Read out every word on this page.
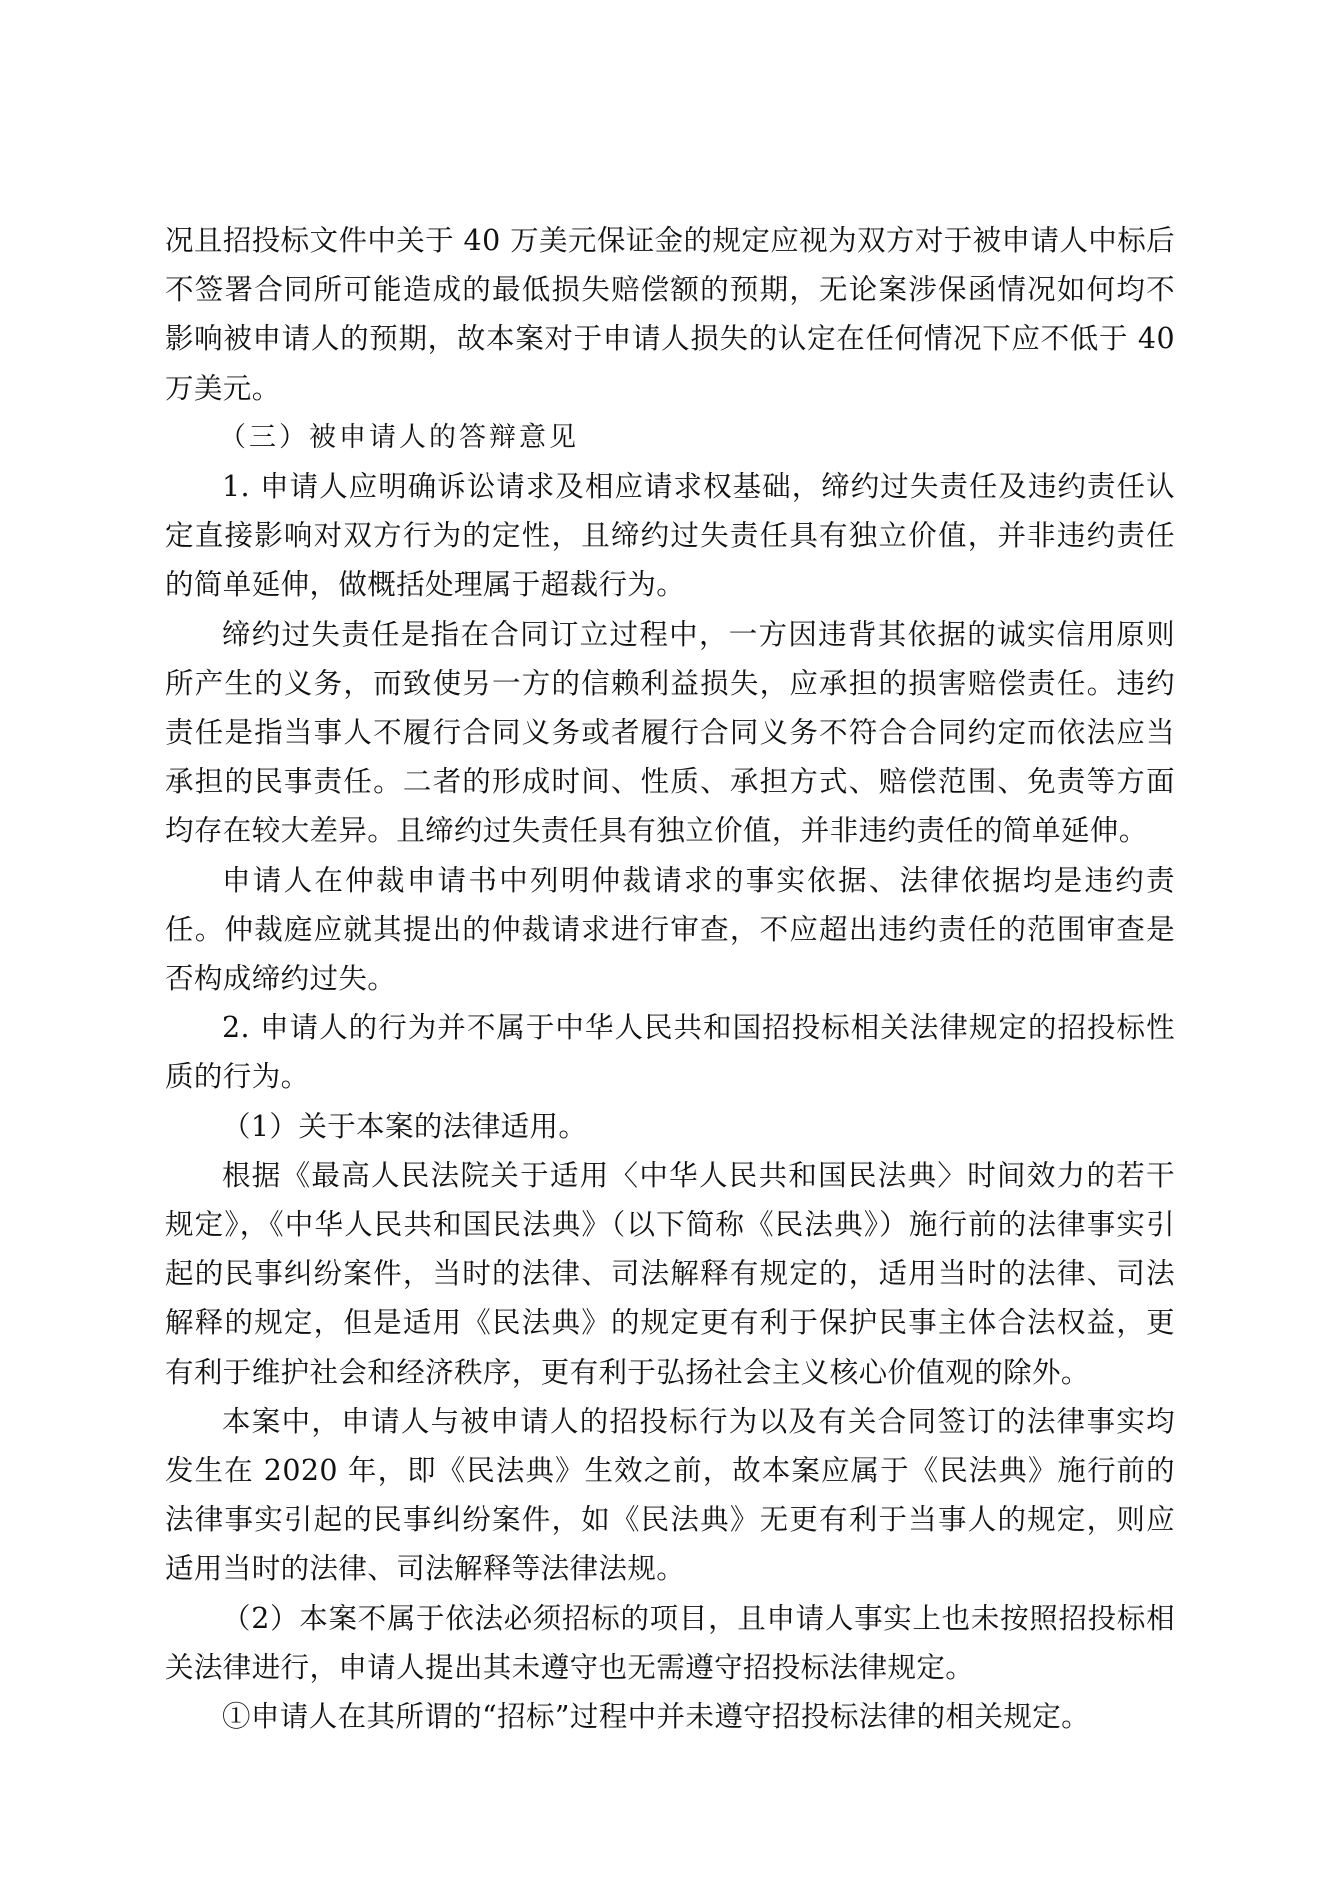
况且招投标文件中关于 40 万美元保证金的规定应视为双方对于被申请人中标后不签署合同所可能造成的最低损失赔偿额的预期，无论案涉保函情况如何均不影响被申请人的预期，故本案对于申请人损失的认定在任何情况下应不低于 40 万美元。

（三）被申请人的答辩意见

1. 申请人应明确诉讼请求及相应请求权基础，缔约过失责任及违约责任认定直接影响对双方行为的定性，且缔约过失责任具有独立价值，并非违约责任的简单延伸，做概括处理属于超裁行为。

缔约过失责任是指在合同订立过程中，一方因违背其依据的诚实信用原则所产生的义务，而致使另一方的信赖利益损失，应承担的损害赔偿责任。违约责任是指当事人不履行合同义务或者履行合同义务不符合合同约定而依法应当承担的民事责任。二者的形成时间、性质、承担方式、赔偿范围、免责等方面均存在较大差异。且缔约过失责任具有独立价值，并非违约责任的简单延伸。

申请人在仲裁申请书中列明仲裁请求的事实依据、法律依据均是违约责任。仲裁庭应就其提出的仲裁请求进行审查，不应超出违约责任的范围审查是否构成缔约过失。

2. 申请人的行为并不属于中华人民共和国招投标相关法律规定的招投标性质的行为。

（1）关于本案的法律适用。

根据《最高人民法院关于适用〈中华人民共和国民法典〉时间效力的若干规定》，《中华人民共和国民法典》（以下简称《民法典》）施行前的法律事实引起的民事纠纷案件，当时的法律、司法解释有规定的，适用当时的法律、司法解释的规定，但是适用《民法典》的规定更有利于保护民事主体合法权益，更有利于维护社会和经济秩序，更有利于弘扬社会主义核心价值观的除外。

本案中，申请人与被申请人的招投标行为以及有关合同签订的法律事实均发生在 2020 年，即《民法典》生效之前，故本案应属于《民法典》施行前的法律事实引起的民事纠纷案件，如《民法典》无更有利于当事人的规定，则应适用当时的法律、司法解释等法律法规。

（2）本案不属于依法必须招标的项目，且申请人事实上也未按照招投标相关法律进行，申请人提出其未遵守也无需遵守招投标法律规定。

①申请人在其所谓的“招标”过程中并未遵守招投标法律的相关规定。
